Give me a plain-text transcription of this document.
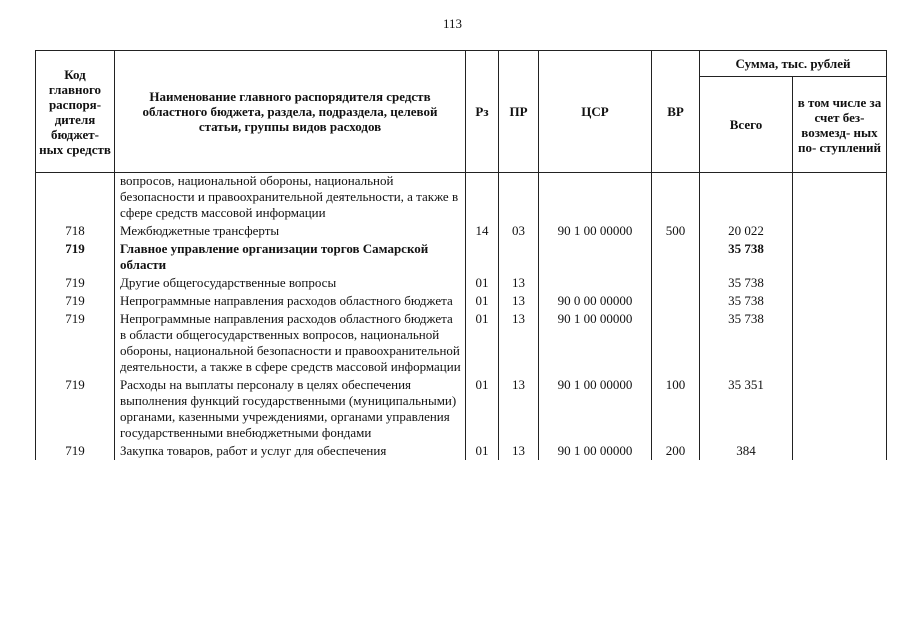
113
Код главного распоря- дителя бюджет- ных средств	Наименование главного распорядителя средств областного бюджета, раздела, подраздела, целевой статьи, группы видов расходов	Рз	ПР	ЦСР	ВР	Сумма, тыс. рублей	
						Всего	в том числе за счет без- возмезд- ных по- ступлений
	вопросов, национальной обороны, национальной безопасности и правоохранительной деятельности, а также в сфере средств массовой информации						
718	Межбюджетные трансферты	14	03	90 1 00 00000	500	20 022	
719	Главное управление организации торгов Самарской области					35 738	
719	Другие общегосударственные вопросы	01	13			35 738	
719	Непрограммные направления расходов областного бюджета	01	13	90 0 00 00000		35 738	
719	Непрограммные направления расходов областного бюджета в области общегосударственных вопросов, национальной обороны, национальной безопасности и правоохранительной деятельности, а также в сфере средств массовой информации	01	13	90 1 00 00000		35 738	
719	Расходы на выплаты персоналу в целях обеспечения выполнения функций государственными (муниципальными) органами, казенными учреждениями, органами управления государственными внебюджетными фондами	01	13	90 1 00 00000	100	35 351	
719	Закупка товаров, работ и услуг для обеспечения	01	13	90 1 00 00000	200	384	
